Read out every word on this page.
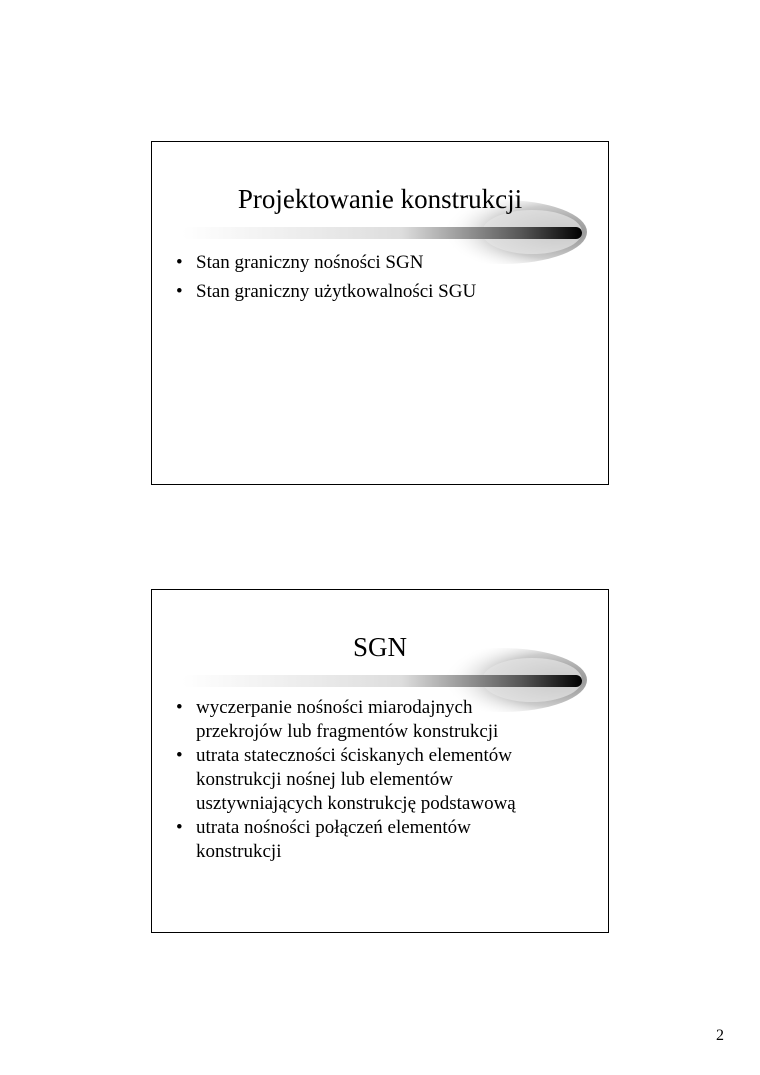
Projektowanie konstrukcji
• Stan graniczny nośności SGN
• Stan graniczny użytkowalności SGU
SGN
• wyczerpanie nośności miarodajnych przekrojów lub fragmentów konstrukcji
• utrata stateczności ściskanych elementów konstrukcji nośnej lub elementów usztywniających konstrukcję podstawową
• utrata nośności połączeń elementów konstrukcji
2
